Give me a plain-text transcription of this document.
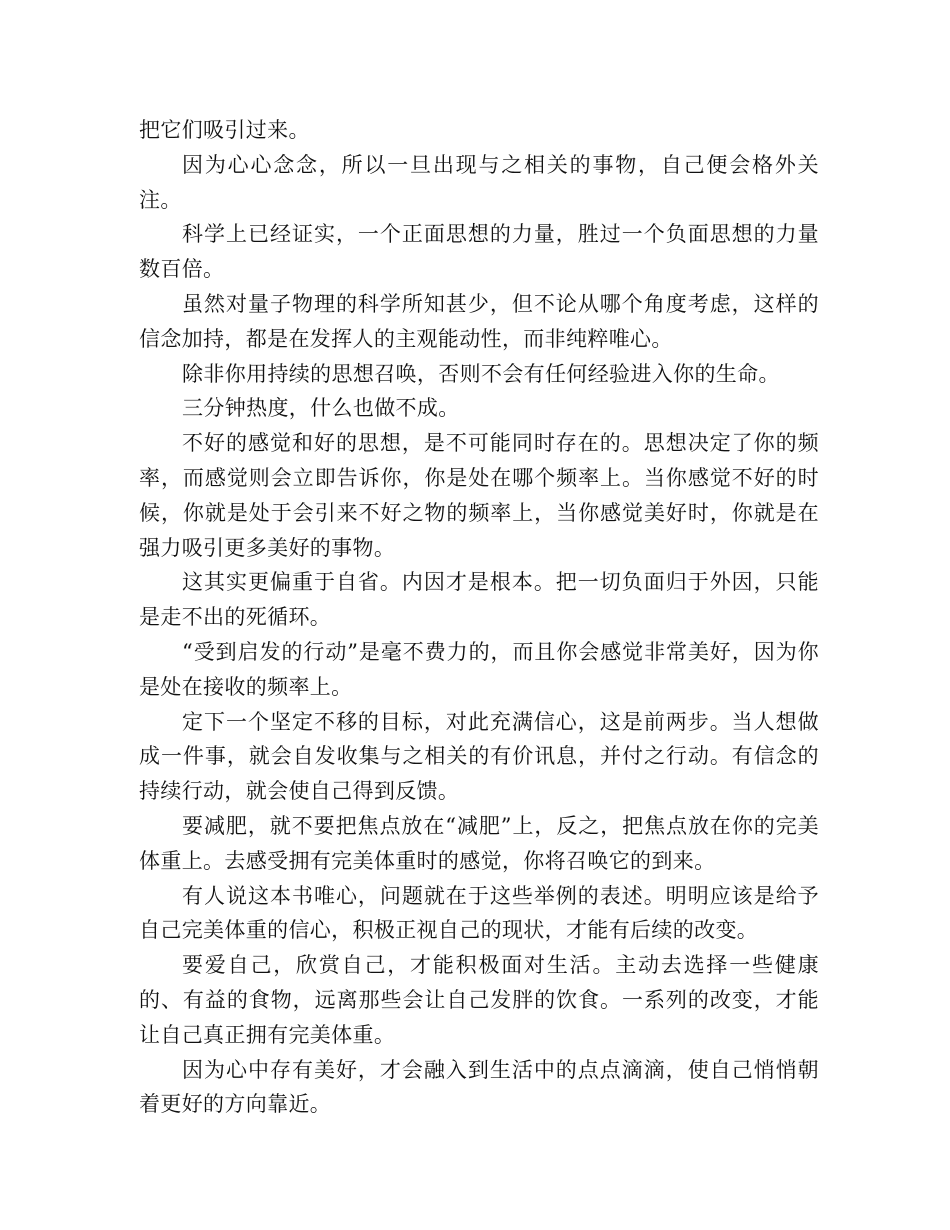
把它们吸引过来。

因为心心念念，所以一旦出现与之相关的事物，自己便会格外关注。

科学上已经证实，一个正面思想的力量，胜过一个负面思想的力量数百倍。

虽然对量子物理的科学所知甚少，但不论从哪个角度考虑，这样的信念加持，都是在发挥人的主观能动性，而非纯粹唯心。

除非你用持续的思想召唤，否则不会有任何经验进入你的生命。

三分钟热度，什么也做不成。

不好的感觉和好的思想，是不可能同时存在的。思想决定了你的频率，而感觉则会立即告诉你，你是处在哪个频率上。当你感觉不好的时候，你就是处于会引来不好之物的频率上，当你感觉美好时，你就是在强力吸引更多美好的事物。

这其实更偏重于自省。内因才是根本。把一切负面归于外因，只能是走不出的死循环。

“受到启发的行动”是毫不费力的，而且你会感觉非常美好，因为你是处在接收的频率上。

定下一个坚定不移的目标，对此充满信心，这是前两步。当人想做成一件事，就会自发收集与之相关的有价讯息，并付之行动。有信念的持续行动，就会使自己得到反馈。

要减肥，就不要把焦点放在“减肥”上，反之，把焦点放在你的完美体重上。去感受拥有完美体重时的感觉，你将召唤它的到来。

有人说这本书唯心，问题就在于这些举例的表述。明明应该是给予自己完美体重的信心，积极正视自己的现状，才能有后续的改变。

要爱自己，欣赏自己，才能积极面对生活。主动去选择一些健康的、有益的食物，远离那些会让自己发胖的饮食。一系列的改变，才能让自己真正拥有完美体重。

因为心中存有美好，才会融入到生活中的点点滴滴，使自己悄悄朝着更好的方向靠近。
